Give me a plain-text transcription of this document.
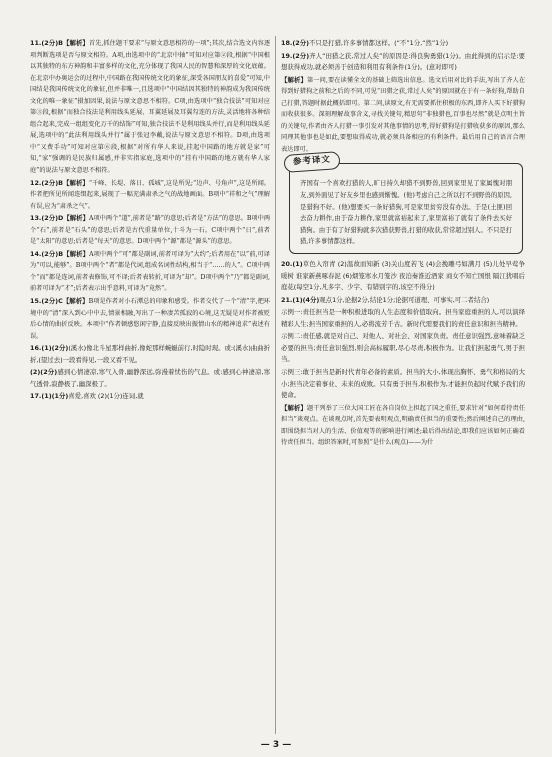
11.(2分)B【解析】首先,抓住题干要求“与原文意思相符的一项”;其次,结合选文内容逐项判断选项是否与原文相符。A项,由选项中的“北京中轴”可知对应第②段,根据“中国根以其独特的东方神韵和丰富多样的文化,充分体现了我国人民的智慧和深厚的文化底蕴。在北京中办奥运会的过程中,中国路在我国传统文化的象征,深受各国朋友的喜爱”可知,中国结是我国传统文化的象征,但并非唯一,且选项中“中国结因其独特的神韵成为我国传统文化的唯一象征”摄加因果,说法与原文意思不相符。C项,由选项中“独合技法”可知对应第③段,根据“而独合技法是利用线头延展、耳翼延展及耳翼勾连的方法,灵活地将各种结组合起来,完成一组组变化万千的结饰”可知,独合技法不是利用线头并行,而是利用线头延展,选项中的“此法利用线头并行”属于张冠李戴,说法与原文意思不相符。D项,由选项中“又费手功”可知对应第⑥段,根据“对所有华人来说,挂起中国路的地方就是家”可知,“家”强调的是民族归属感,并非实指家庭,选项中的“挂有中国路的地方就有华人家庭”的说法与原文意思不相符。
12.(2分)B【解析】“千峰、长堤、落日、孤城”,这是所见;“边声、号角声”,这是所闻。作者把所见所闻连缀起来,展现了一幅充满肃杀之气的战地画面。B项中“祥和之气”理解有误,应为“肃杀之气”。
13.(2分)D【解析】A项中两个“道”,前者是“路”的意思;后者是“方法”的意思。B项中两个“石”,前者是“石头”的意思;后者是古代重量单位,十斗为一石。C项中两个“日”,前者是“太阳”的意思;后者是“每天”的意思。D项中两个“源”都是“源头”的意思。
14.(2分)B【解析】A项中两个“可”都是副词,前者可译为“大约”;后者用在“以”前,可译为“可以,能够”。B项中两个“者”都是代词,组成名词性结构,相当于“……的人”。C项中两个“而”都是连词,前者表修饰,可不译;后者表转折,可译为“却”。D项中两个“乃”都是副词,前者可译为“才”;后者表示出乎意料,可译为“竟然”。
15.(2分)C【解析】B项是作者对小石潭总的印象和感受。作者交代了一个“清”字,把环境中的“清”深入到心中中去,情景相融,写出了一种凄苦孤寂的心境,这无疑是对作者被贬后心情的曲折反映。本项中“作者顿感悠闲宁静,直接反映出振情山水的精神追求”表述有误。
16.(1)(2分)(溪水)像北斗星那样曲折,像蛇那样蜿蜒前行,时隐时现。或:(溪水)曲曲折折,(望过去)一段看得见,一段又看不见。
(2)(2分)感到心情凄凉,寒气入骨,幽静深远,弥漫着忧伤的气息。或:感到心神凄凉,寒气透骨,寂静极了,幽深极了。
17.(1)(1分)喜爱,喜欢 (2)(1分)连词,就
18.(2分)不只是打猎,许多事情都这样。(“不”1分,“然”1分)
19.(2分)齐人“田猎之获,常过人矣”的原因是:得良狗勇猎(1分)。由此得到的启示是:要想获得成功,就必须善于创造和利用有利条件(1分)。(意对即可)
【解析】第一问,要在读懂全文的基础上筛选出信息。选文后用对比的手法,写出了齐人在得到好猎狗之前和之后的不同,可见“田猎之获,常过人矣”的原因就在于有一条好狗,帮助自己打猎,答题时据此概括即可。第二问,读原文,有无需要抓住积极的东西,即齐人买下好猎狗而收获很多。深刻理解故事含义,寻找关键句,精思句“非独猎也,百事也尽然”就是点明主旨的关键句,作者由齐人打猎一事引发对其他事情的思考,得好猎狗是打猎收获多的原因,那么同理其他事也是如此,要想取得成功,就必须具备相应的有利条件。最后用自己的语言合理表达即可。
参考译文
齐国有一个喜欢打猎的人,旷日持久却猎不到野兽,回到家里见了家属愧对朋友,到外面见了好友乡里也感到惭愧。(他)考虑自己之所以打不到野兽的原因,是猎狗不好。(他)想要买一条好猎狗,可是家里贫穷没有办法。于是(土匪)回去奋力耕作,由于奋力耕作,家里就富裕起来了,家里富裕了就有了条件去买好猎狗。由于有了好猎狗就多次猎获野兽,打猎的收获,常常超过别人。不只是打猎,许多事情都这样。
20.(1)草色入帘青 (2)温故而知新 (3)关山度若飞 (4)会挽雕弓如满月 (5)儿处早莺争暖树 谁家新燕啄春泥 (6)烟笼寒水月笼沙 夜泊秦淮近酒家 商女不知亡国恨 隔江犹唱后庭花(每空1分,凡多字、少字、有错别字的,该空不得分)
21.(1)(4分)观点1分,论据2分,结论1分;论据可道理、可事实,可二者结合)
示例一:责任担当是一种积极进取的人生态度和价值取向。担当家庭重担的人,可以演绎精彩人生;担当国家重担的人,必将流芳千古。新时代需要我们的责任意识和担当精神。
示例二:责任感,就是对自己、对他人、对社会、对国家负责。责任意识强烈,意味着缺乏必要的担当;责任意识强烈,则会高标履职,尽心尽责,积极作为。让我们担起勇气,男于担当。
示例三:敢于担当是新时代青年必备的素质。担当的大小,体现出胸怀、勇气和格局的大小;担当决定着事业、未来的成败。只有勇于担当,积极作为,才能担负起时代赋予我们的使命。
【解析】题干列举了三位大国工匠在各自岗位上担起了国之重任,要求针对“如何看待责任担当”谈观点。在谈观点时,首先要表明观点,明确责任担当的重要性;然后阐述自己的理由,即围绕担当对人的生活、价值观等的影响进行阐述;最后得出结论,即我们应该如何正确看待责任担当。组织答案时,可参照“是什么(观点)——为什
— 3 —
